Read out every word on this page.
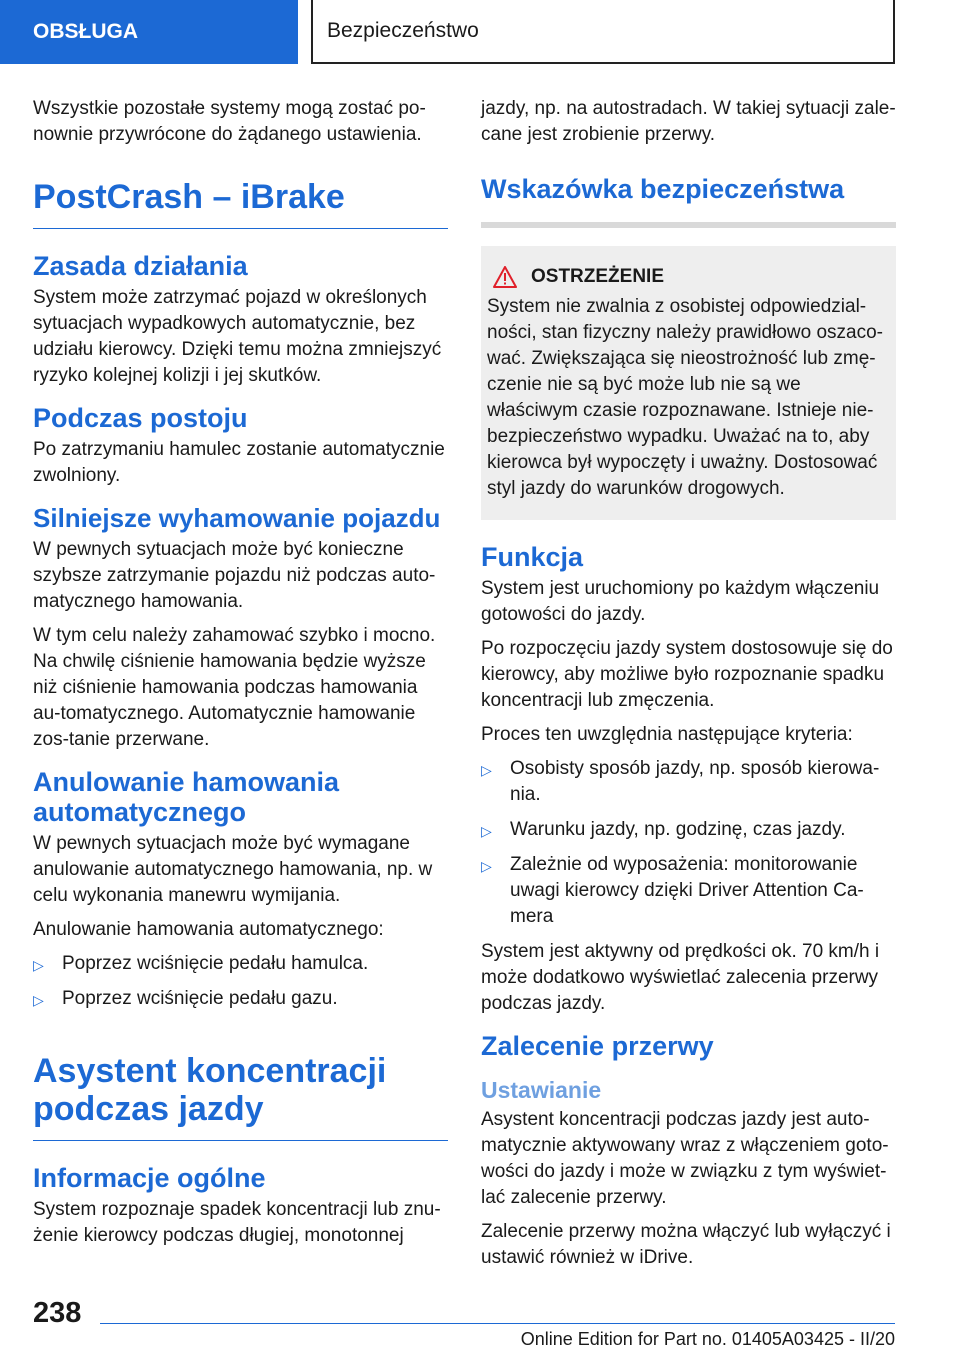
OBSŁUGA	Bezpieczeństwo

Wszystkie pozostałe systemy mogą zostać po-nownie przywrócone do żądanego ustawienia.

PostCrash – iBrake
Zasada działania

System może zatrzymać pojazd w określonych sytuacjach wypadkowych automatycznie, bez udziału kierowcy. Dzięki temu można zmniejszyć ryzyko kolejnej kolizji i jej skutków.

Podczas postoju

Po zatrzymaniu hamulec zostanie automatycznie zwolniony.

Silniejsze wyhamowanie pojazdu

W pewnych sytuacjach może być konieczne szybsze zatrzymanie pojazdu niż podczas auto-matycznego hamowania.

W tym celu należy zahamować szybko i mocno. Na chwilę ciśnienie hamowania będzie wyższe niż ciśnienie hamowania podczas hamowania au-tomatycznego. Automatycznie hamowanie zos-tanie przerwane.

Anulowanie hamowania automatycznego

W pewnych sytuacjach może być wymagane anulowanie automatycznego hamowania, np. w celu wykonania manewru wymijania.

Anulowanie hamowania automatycznego:

▷ Poprzez wciśnięcie pedału hamulca.
▷ Poprzez wciśnięcie pedału gazu.
Asystent koncentracji podczas jazdy
Informacje ogólne

System rozpoznaje spadek koncentracji lub znu-żenie kierowcy podczas długiej, monotonnej

jazdy, np. na autostradach. W takiej sytuacji zale-cane jest zrobienie przerwy.

Wskazówka bezpieczeństwa
OSTRZEŻENIE

System nie zwalnia z osobistej odpowiedzial-ności, stan fizyczny należy prawidłowo oszaco-wać. Zwiększająca się nieostrożność lub zmę-czenie nie są być może lub nie są we właściwym czasie rozpoznawane. Istnieje nie-bezpieczeństwo wypadku. Uważać na to, aby kierowca był wypoczęty i uważny. Dostosować styl jazdy do warunków drogowych.

Funkcja

System jest uruchomiony po każdym włączeniu gotowości do jazdy.

Po rozpoczęciu jazdy system dostosowuje się do kierowcy, aby możliwe było rozpoznanie spadku koncentracji lub zmęczenia.

Proces ten uwzględnia następujące kryteria:

▷ Osobisty sposób jazdy, np. sposób kierowa-nia.
▷ Warunku jazdy, np. godzinę, czas jazdy.
▷ Zależnie od wyposażenia: monitorowanie uwagi kierowcy dzięki Driver Attention Ca-mera

System jest aktywny od prędkości ok. 70 km/h i może dodatkowo wyświetlać zalecenia przerwy podczas jazdy.

Zalecenie przerwy
Ustawianie

Asystent koncentracji podczas jazdy jest auto-matycznie aktywowany wraz z włączeniem goto-wości do jazdy i może w związku z tym wyświet-lać zalecenie przerwy.

Zalecenie przerwy można włączyć lub wyłączyć i ustawić również w iDrive.

238
Online Edition for Part no. 01405A03425 - II/20
